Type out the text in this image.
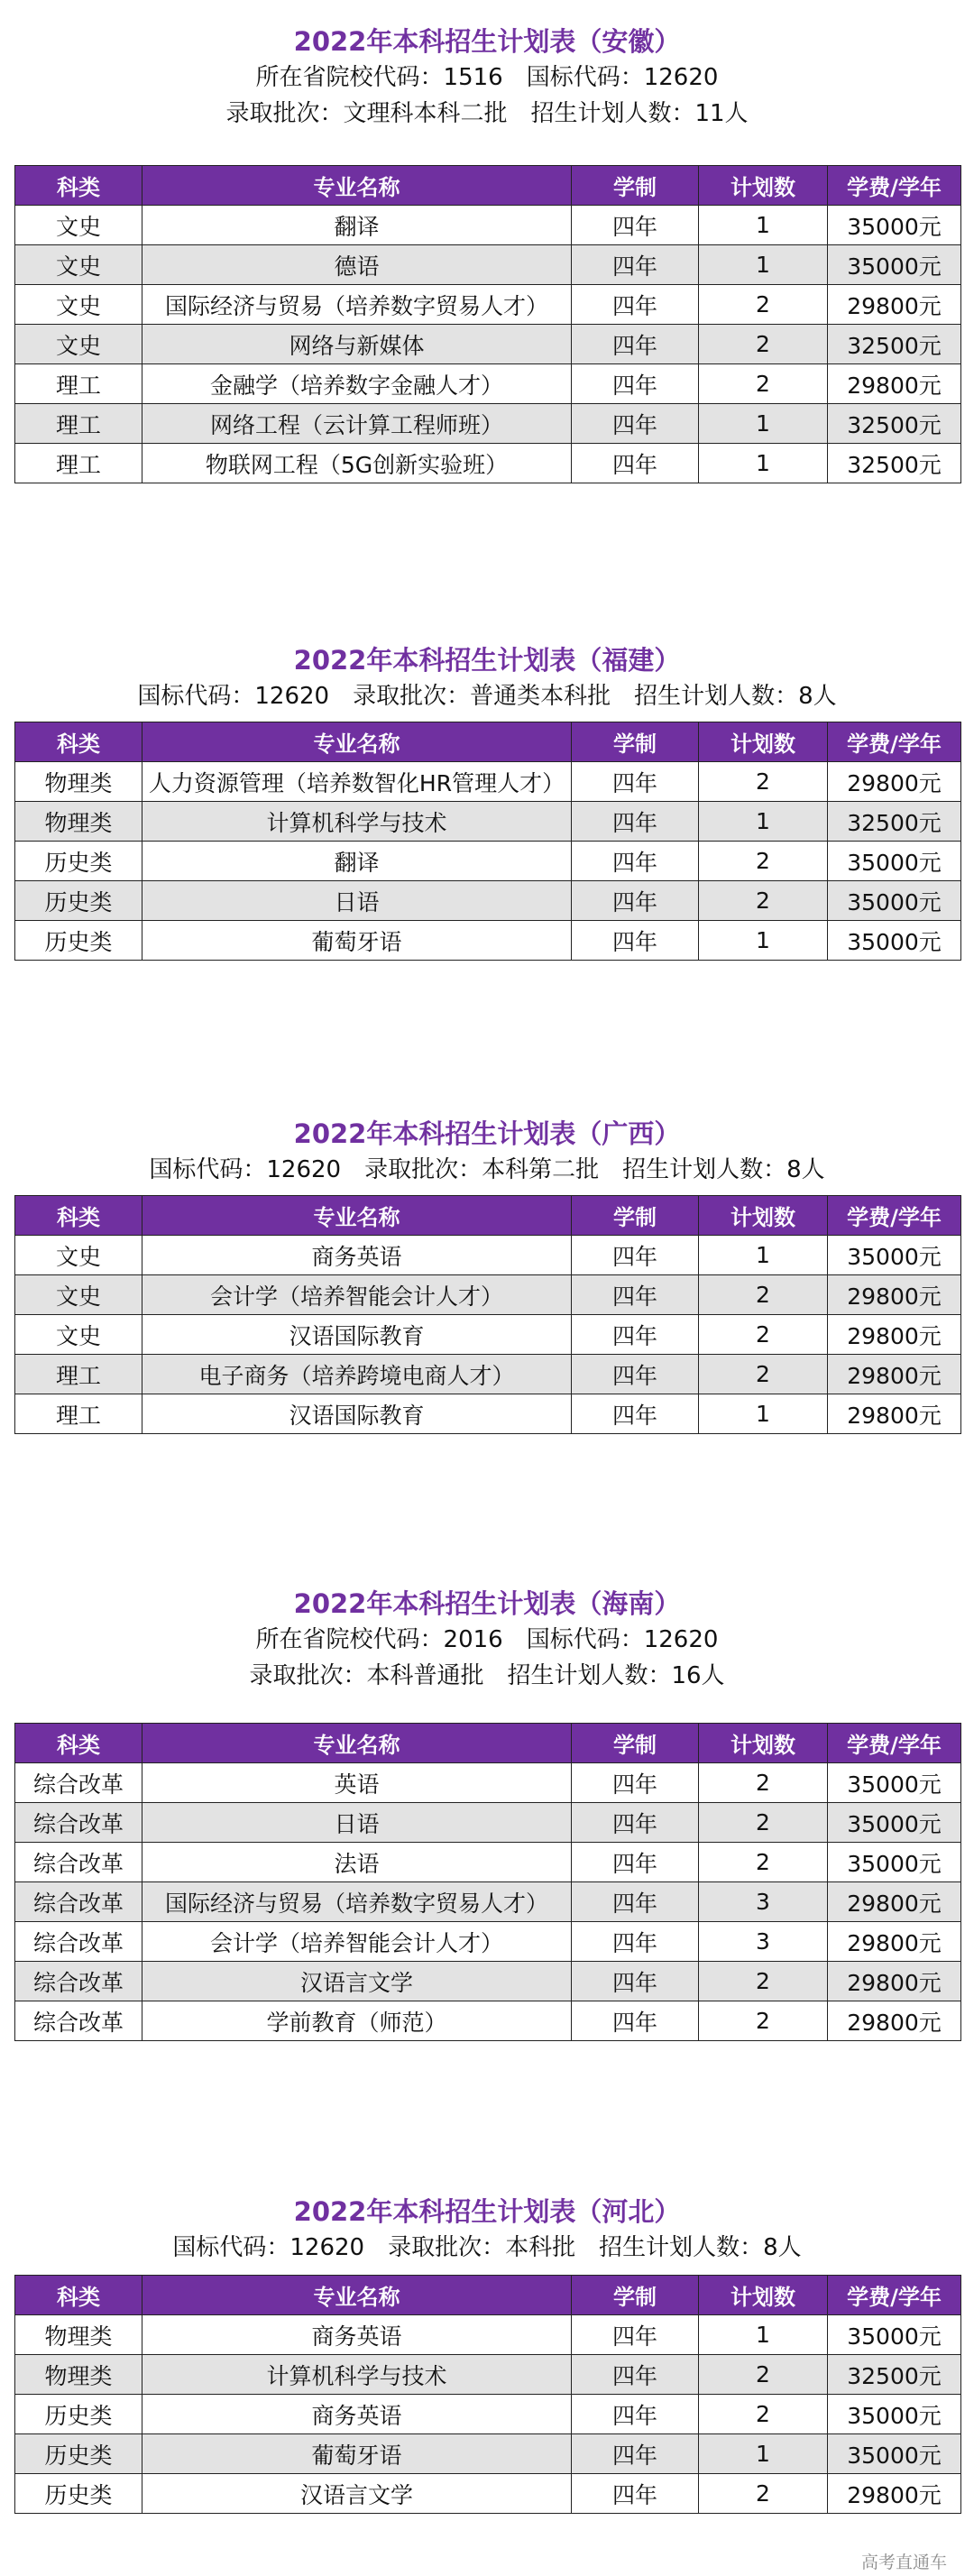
2022年本科招生计划表（安徽）
所在省院校代码：1516　国标代码：12620
录取批次：文理科本科二批　招生计划人数：11人
科类	专业名称	学制	计划数	学费/学年
文史	翻译	四年	1	35000元
文史	德语	四年	1	35000元
文史	国际经济与贸易（培养数字贸易人才）	四年	2	29800元
文史	网络与新媒体	四年	2	32500元
理工	金融学（培养数字金融人才）	四年	2	29800元
理工	网络工程（云计算工程师班）	四年	1	32500元
理工	物联网工程（5G创新实验班）	四年	1	32500元
2022年本科招生计划表（福建）
国标代码：12620　录取批次：普通类本科批　招生计划人数：8人
科类	专业名称	学制	计划数	学费/学年
物理类	人力资源管理（培养数智化HR管理人才）	四年	2	29800元
物理类	计算机科学与技术	四年	1	32500元
历史类	翻译	四年	2	35000元
历史类	日语	四年	2	35000元
历史类	葡萄牙语	四年	1	35000元
2022年本科招生计划表（广西）
国标代码：12620　录取批次：本科第二批　招生计划人数：8人
科类	专业名称	学制	计划数	学费/学年
文史	商务英语	四年	1	35000元
文史	会计学（培养智能会计人才）	四年	2	29800元
文史	汉语国际教育	四年	2	29800元
理工	电子商务（培养跨境电商人才）	四年	2	29800元
理工	汉语国际教育	四年	1	29800元
2022年本科招生计划表（海南）
所在省院校代码：2016　国标代码：12620
录取批次：本科普通批　招生计划人数：16人
科类	专业名称	学制	计划数	学费/学年
综合改革	英语	四年	2	35000元
综合改革	日语	四年	2	35000元
综合改革	法语	四年	2	35000元
综合改革	国际经济与贸易（培养数字贸易人才）	四年	3	29800元
综合改革	会计学（培养智能会计人才）	四年	3	29800元
综合改革	汉语言文学	四年	2	29800元
综合改革	学前教育（师范）	四年	2	29800元
2022年本科招生计划表（河北）
国标代码：12620　录取批次：本科批　招生计划人数：8人
科类	专业名称	学制	计划数	学费/学年
物理类	商务英语	四年	1	35000元
物理类	计算机科学与技术	四年	2	32500元
历史类	商务英语	四年	2	35000元
历史类	葡萄牙语	四年	1	35000元
历史类	汉语言文学	四年	2	29800元
高考直通车
